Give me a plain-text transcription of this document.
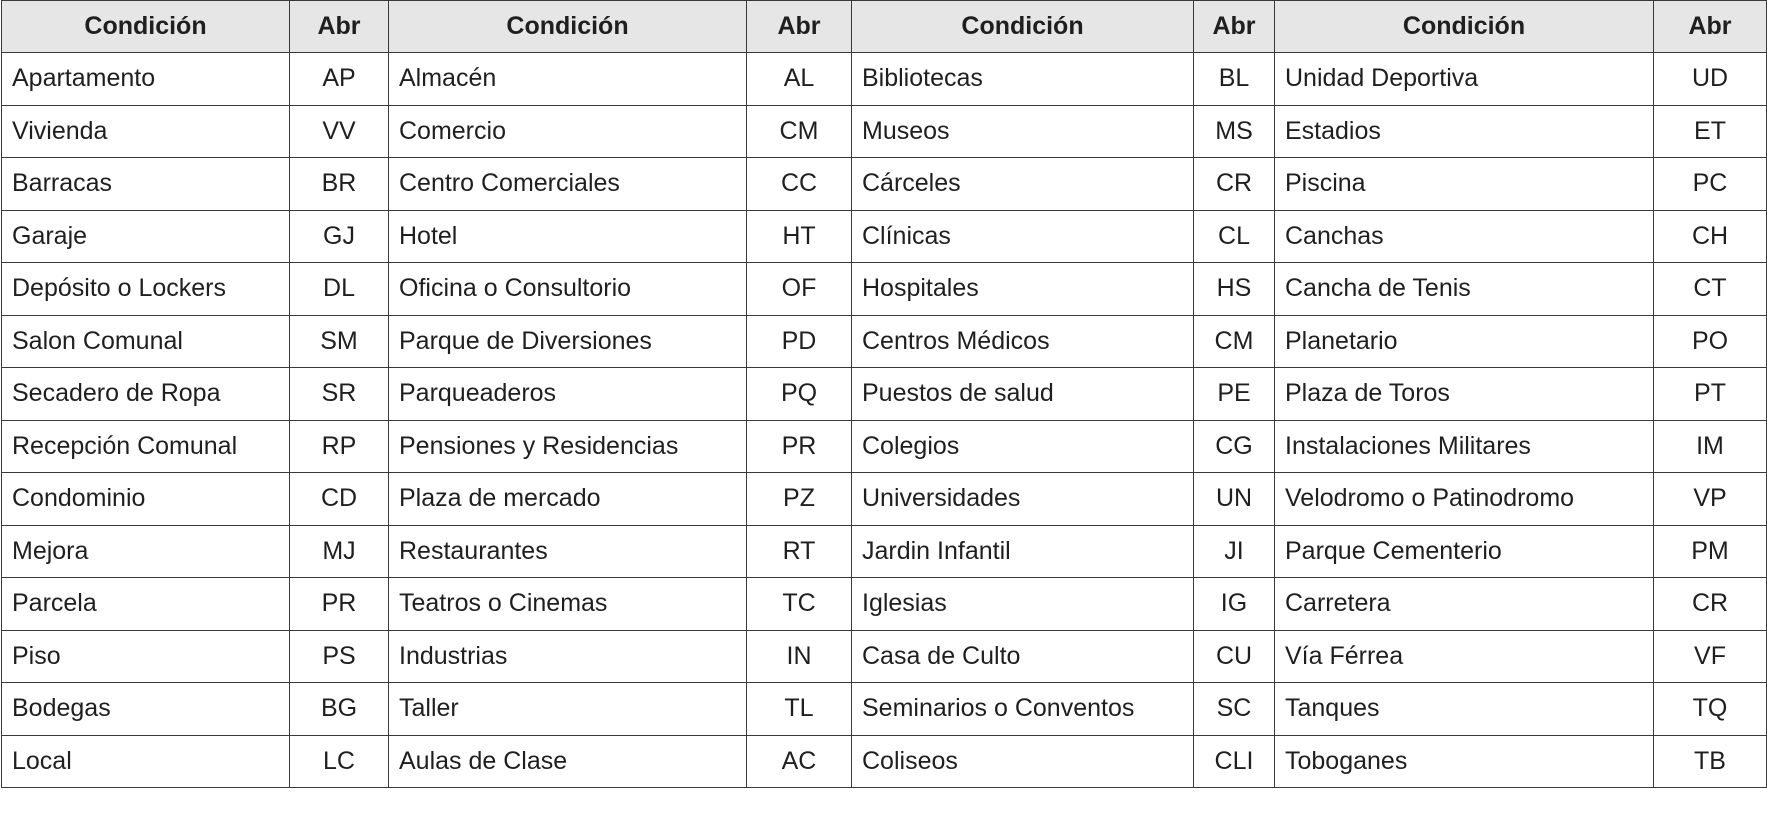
Condición	Abr	Condición	Abr	Condición	Abr	Condición	Abr
Apartamento	AP	Almacén	AL	Bibliotecas	BL	Unidad Deportiva	UD
Vivienda	VV	Comercio	CM	Museos	MS	Estadios	ET
Barracas	BR	Centro Comerciales	CC	Cárceles	CR	Piscina	PC
Garaje	GJ	Hotel	HT	Clínicas	CL	Canchas	CH
Depósito o Lockers	DL	Oficina o Consultorio	OF	Hospitales	HS	Cancha de Tenis	CT
Salon Comunal	SM	Parque de Diversiones	PD	Centros Médicos	CM	Planetario	PO
Secadero de Ropa	SR	Parqueaderos	PQ	Puestos de salud	PE	Plaza de Toros	PT
Recepción Comunal	RP	Pensiones y Residencias	PR	Colegios	CG	Instalaciones Militares	IM
Condominio	CD	Plaza de mercado	PZ	Universidades	UN	Velodromo o Patinodromo	VP
Mejora	MJ	Restaurantes	RT	Jardin Infantil	JI	Parque Cementerio	PM
Parcela	PR	Teatros o Cinemas	TC	Iglesias	IG	Carretera	CR
Piso	PS	Industrias	IN	Casa de Culto	CU	Vía Férrea	VF
Bodegas	BG	Taller	TL	Seminarios o Conventos	SC	Tanques	TQ
Local	LC	Aulas de Clase	AC	Coliseos	CLI	Toboganes	TB
